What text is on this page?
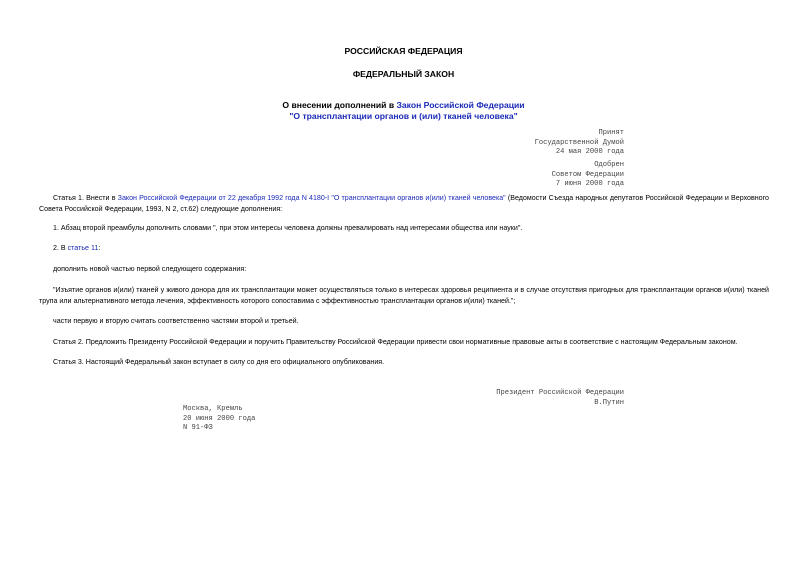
РОССИЙСКАЯ ФЕДЕРАЦИЯ
ФЕДЕРАЛЬНЫЙ ЗАКОН
О внесении дополнений в Закон Российской Федерации
"О трансплантации органов и (или) тканей человека"
Принят
Государственной Думой
24 мая 2000 года
Одобрен
Советом Федерации
7 июня 2000 года
Статья 1. Внести в Закон Российской Федерации от 22 декабря 1992 года N 4180-I "О трансплантации органов и(или) тканей человека" (Ведомости Съезда народных депутатов Российской Федерации и Верховного Совета Российской Федерации, 1993, N 2, ст.62) следующие дополнения:
1. Абзац второй преамбулы дополнить словами ", при этом интересы человека должны превалировать над интересами общества или науки".
2. В статье 11:
дополнить новой частью первой следующего содержания:
"Изъятие органов и(или) тканей у живого донора для их трансплантации может осуществляться только в интересах здоровья реципиента и в случае отсутствия пригодных для трансплантации органов и(или) тканей трупа или альтернативного метода лечения, эффективность которого сопоставима с эффективностью трансплантации органов и(или) тканей.";
части первую и вторую считать соответственно частями второй и третьей.
Статья 2. Предложить Президенту Российской Федерации и поручить Правительству Российской Федерации привести свои нормативные правовые акты в соответствие с настоящим Федеральным законом.
Статья 3. Настоящий Федеральный закон вступает в силу со дня его официального опубликования.
Президент Российской Федерации
В.Путин
Москва, Кремль
20 июня 2000 года
N 91-ФЗ
